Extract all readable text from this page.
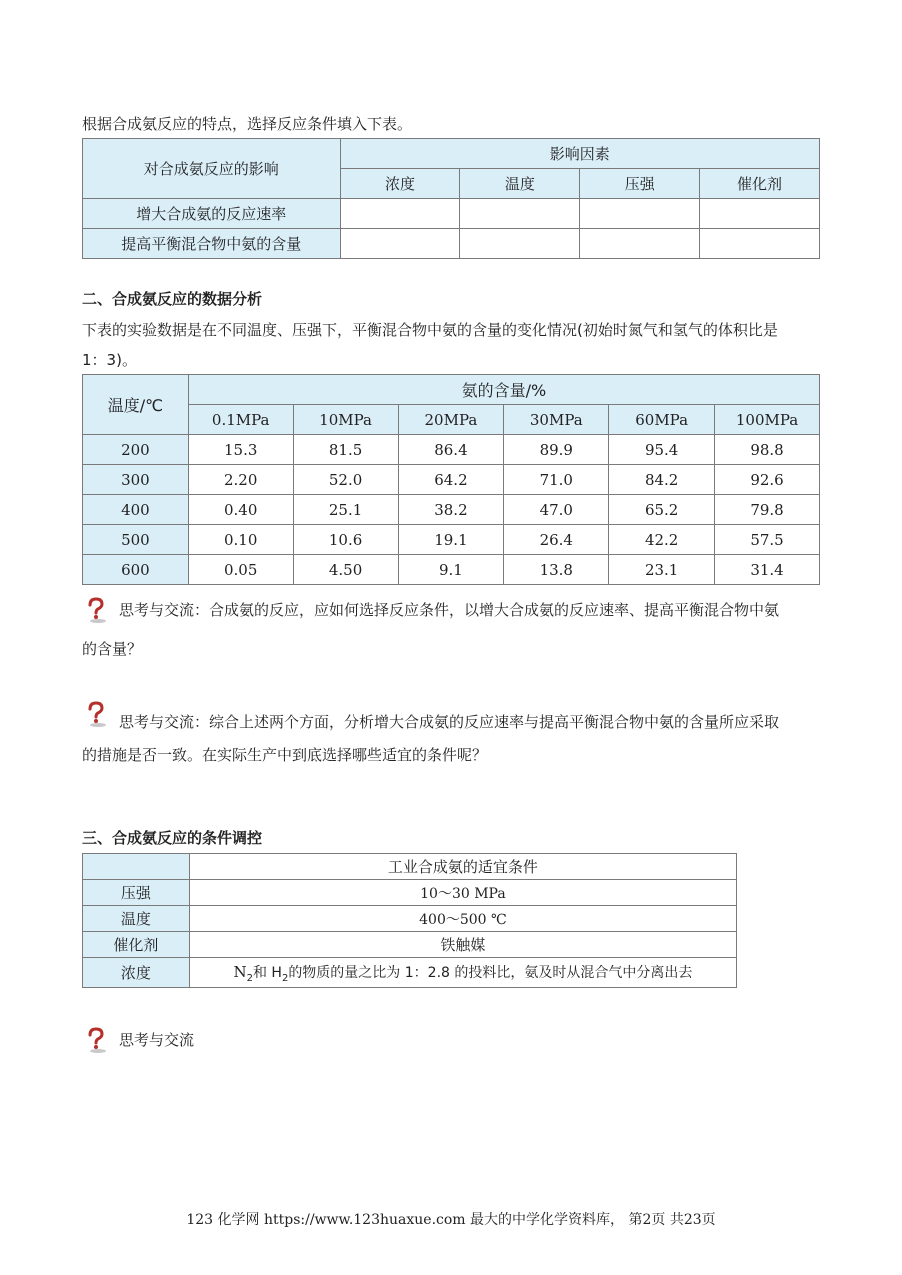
根据合成氨反应的特点，选择反应条件填入下表。
对合成氨反应的影响	影响因素			
	浓度	温度	压强	催化剂
增大合成氨的反应速率				
提高平衡混合物中氨的含量				
二、合成氨反应的数据分析
下表的实验数据是在不同温度、压强下，平衡混合物中氨的含量的变化情况(初始时氮气和氢气的体积比是
1：3)。
温度/℃	氨的含量/%					
	0.1MPa	10MPa	20MPa	30MPa	60MPa	100MPa
200	15.3	81.5	86.4	89.9	95.4	98.8
300	2.20	52.0	64.2	71.0	84.2	92.6
400	0.40	25.1	38.2	47.0	65.2	79.8
500	0.10	10.6	19.1	26.4	42.2	57.5
600	0.05	4.50	9.1	13.8	23.1	31.4
思考与交流：合成氨的反应，应如何选择反应条件，以增大合成氨的反应速率、提高平衡混合物中氨
的含量？
思考与交流：综合上述两个方面，分析增大合成氨的反应速率与提高平衡混合物中氨的含量所应采取
的措施是否一致。在实际生产中到底选择哪些适宜的条件呢？
三、合成氨反应的条件调控
	工业合成氨的适宜条件
压强	10～30 MPa
温度	400～500 ℃
催化剂	铁触媒
浓度	$N_2$和 $H_2$的物质的量之比为 1：2.8 的投料比，氨及时从混合气中分离出去
思考与交流
123 化学网 https://www.123huaxue.com 最大的中学化学资料库， 第2页 共23页
